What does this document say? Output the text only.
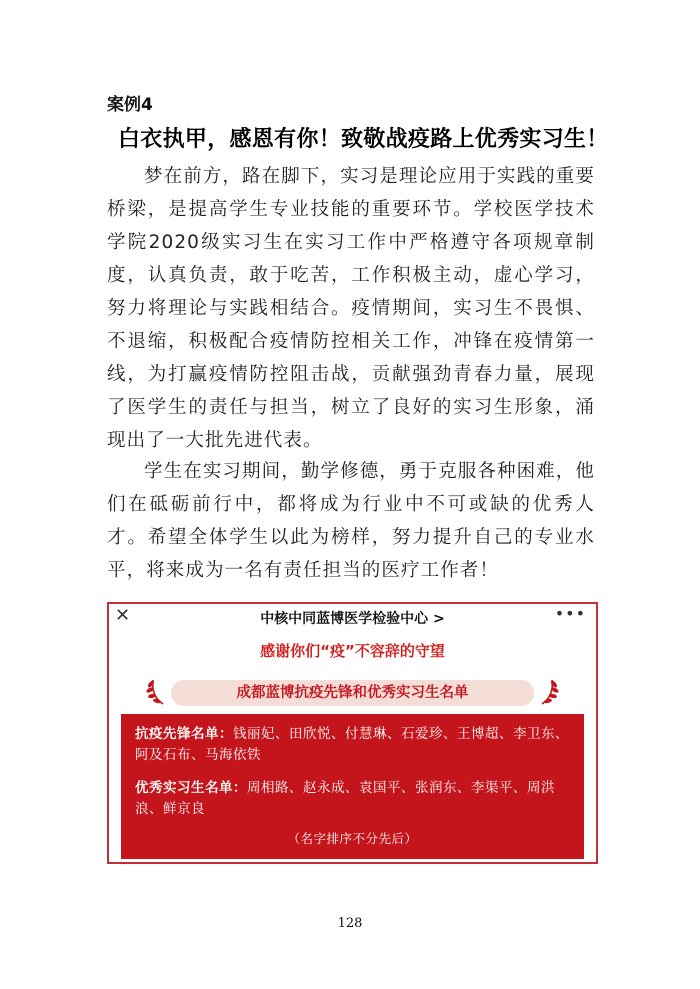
案例4
白衣执甲，感恩有你！致敬战疫路上优秀实习生！

梦在前方，路在脚下，实习是理论应用于实践的重要桥梁，是提高学生专业技能的重要环节。学校医学技术学院2020级实习生在实习工作中严格遵守各项规章制度，认真负责，敢于吃苦，工作积极主动，虚心学习，努力将理论与实践相结合。疫情期间，实习生不畏惧、不退缩，积极配合疫情防控相关工作，冲锋在疫情第一线，为打赢疫情防控阻击战，贡献强劲青春力量，展现了医学生的责任与担当，树立了良好的实习生形象，涌现出了一大批先进代表。

学生在实习期间，勤学修德，勇于克服各种困难，他们在砥砺前行中，都将成为行业中不可或缺的优秀人才。希望全体学生以此为榜样，努力提升自己的专业水平，将来成为一名有责任担当的医疗工作者！

✕	中核中同蓝博医学检验中心 >	•••
感谢你们“疫”不容辞的守望
成都蓝博抗疫先锋和优秀实习生名单
抗疫先锋名单：钱丽妃、田欣悦、付慧琳、石爱珍、王博超、李卫东、阿及石布、马海依铁
优秀实习生名单：周相路、赵永成、袁国平、张润东、李渠平、周洪浪、鲜京良
（名字排序不分先后）
128
